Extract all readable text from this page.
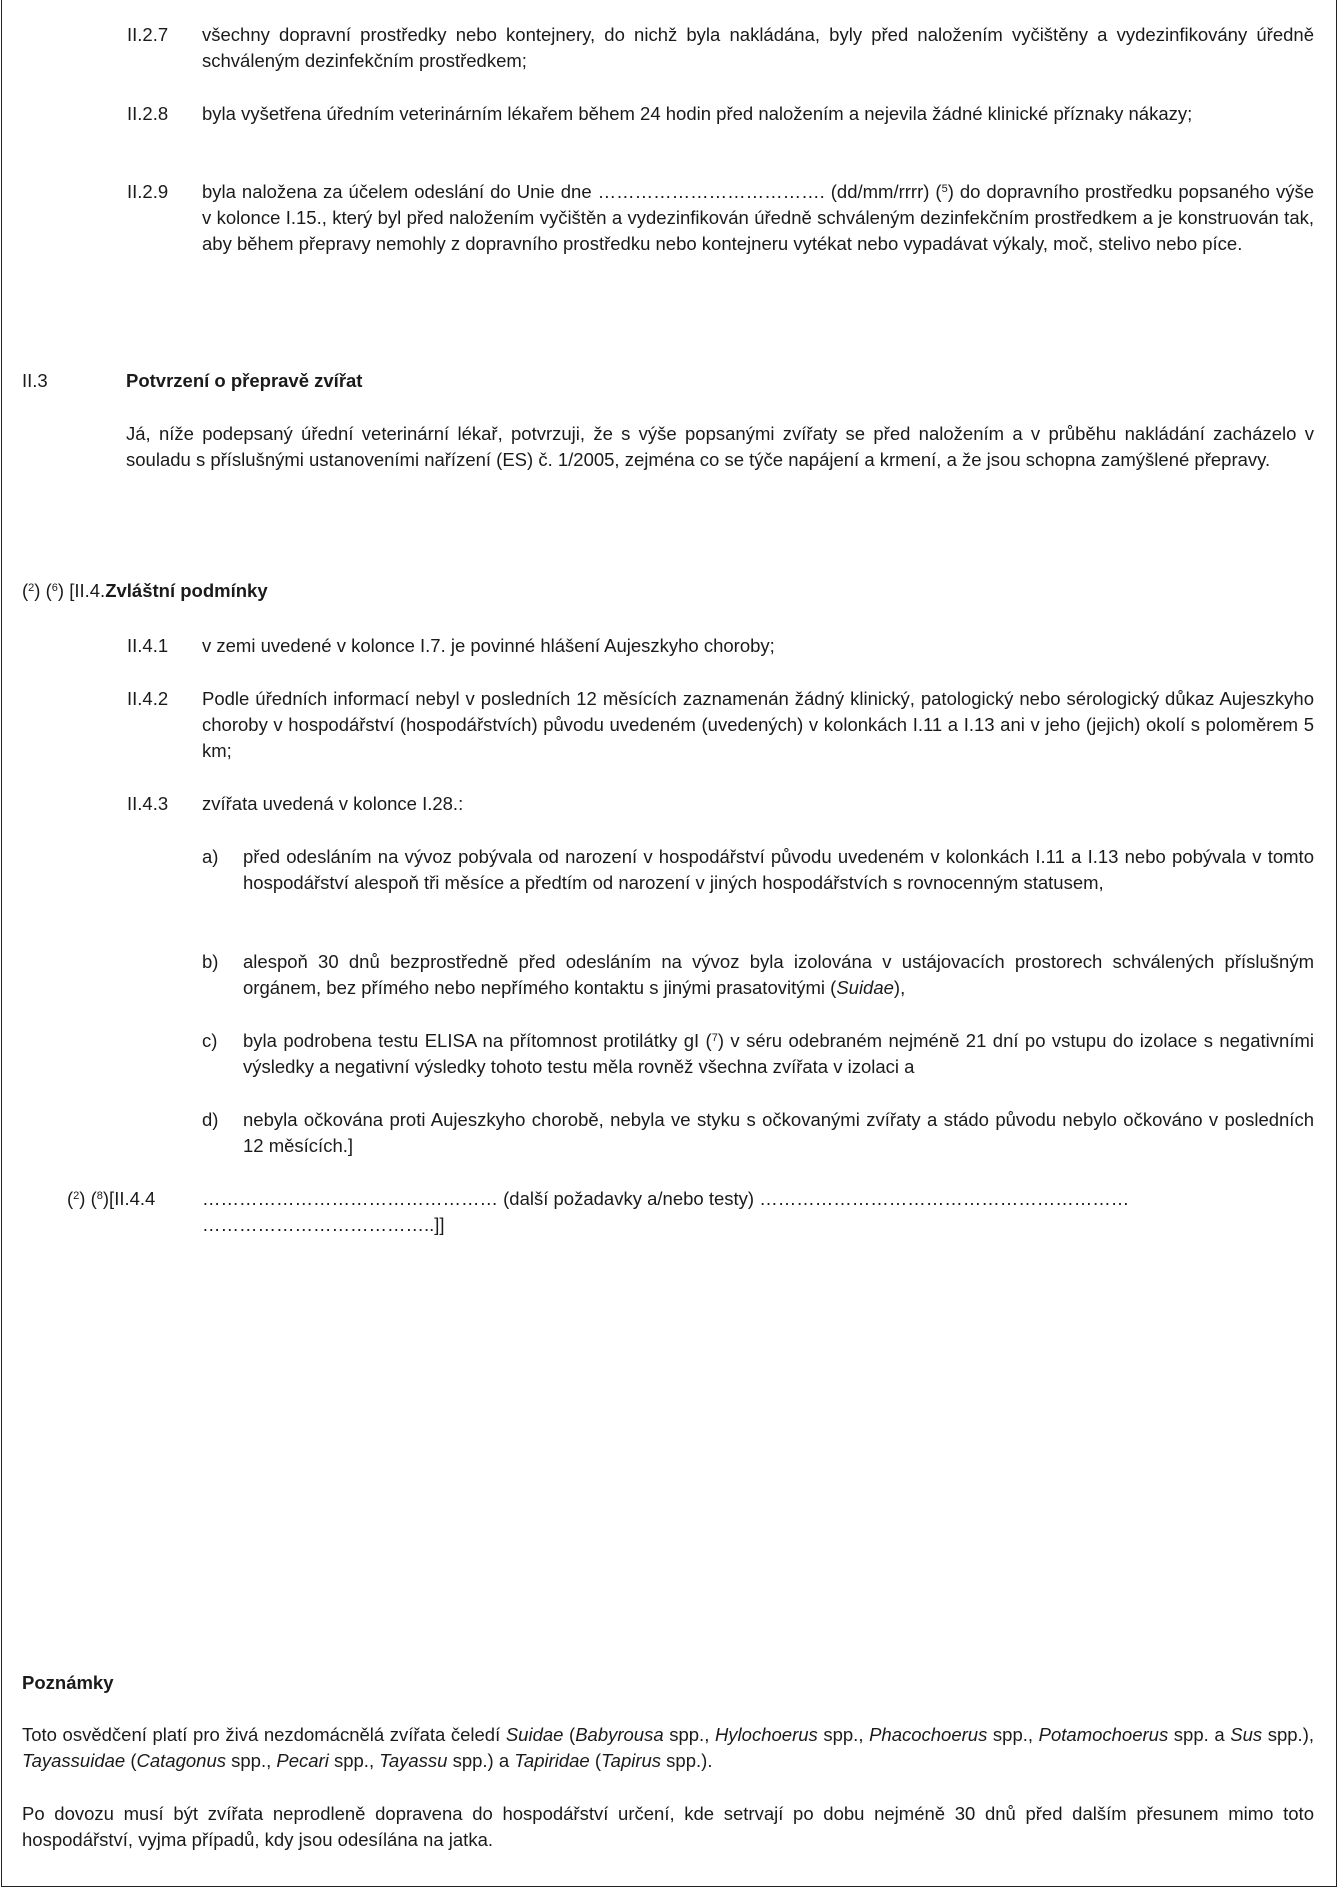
II.2.7 všechny dopravní prostředky nebo kontejnery, do nichž byla nakládána, byly před naložením vyčištěny a vydezinfikovány úředně schváleným dezinfekčním prostředkem;
II.2.8 byla vyšetřena úředním veterinárním lékařem během 24 hodin před naložením a nejevila žádné klinické příznaky nákazy;
II.2.9 byla naložena za účelem odeslání do Unie dne ………………………………. (dd/mm/rrrr) ($^5$) do dopravního prostředku popsaného výše v kolonce I.15., který byl před naložením vyčištěn a vydezinfikován úředně schváleným dezinfekčním prostředkem a je konstruován tak, aby během přepravy nemohly z dopravního prostředku nebo kontejneru vytékat nebo vypadávat výkaly, moč, stelivo nebo píce.
II.3	Potvrzení o přepravě zvířat
Já, níže podepsaný úřední veterinární lékař, potvrzuji, že s výše popsanými zvířaty se před naložením a v průběhu nakládání zacházelo v souladu s příslušnými ustanoveními nařízení (ES) č. 1/2005, zejména co se týče napájení a krmení, a že jsou schopna zamýšlené přepravy.
($^2$) ($^6$) [II.4.Zvláštní podmínky
II.4.1 v zemi uvedené v kolonce I.7. je povinné hlášení Aujeszkyho choroby;
II.4.2 Podle úředních informací nebyl v posledních 12 měsících zaznamenán žádný klinický, patologický nebo sérologický důkaz Aujeszkyho choroby v hospodářství (hospodářstvích) původu uvedeném (uvedených) v kolonkách I.11 a I.13 ani v jeho (jejich) okolí s poloměrem 5 km;
II.4.3 zvířata uvedená v kolonce I.28.:
a) před odesláním na vývoz pobývala od narození v hospodářství původu uvedeném v kolonkách I.11 a I.13 nebo pobývala v tomto hospodářství alespoň tři měsíce a předtím od narození v jiných hospodářstvích s rovnocenným statusem,
b) alespoň 30 dnů bezprostředně před odesláním na vývoz byla izolována v ustájovacích prostorech schválených příslušným orgánem, bez přímého nebo nepřímého kontaktu s jinými prasatovitými (Suidae),
c) byla podrobena testu ELISA na přítomnost protilátky gI ($^7$) v séru odebraném nejméně 21 dní po vstupu do izolace s negativními výsledky a negativní výsledky tohoto testu měla rovněž všechna zvířata v izolaci a
d) nebyla očkována proti Aujeszkyho chorobě, nebyla ve styku s očkovanými zvířaty a stádo původu nebylo očkováno v posledních 12 měsících.]
($^2$) ($^8$)[II.4.4	………………………………………… (další požadavky a/nebo testy) ……………………………………………………
………………………………..]]
Poznámky
Toto osvědčení platí pro živá nezdomácnělá zvířata čeledí Suidae (Babyrousa spp., Hylochoerus spp., Phacochoerus spp., Potamochoerus spp. a Sus spp.), Tayassuidae (Catagonus spp., Pecari spp., Tayassu spp.) a Tapiridae (Tapirus spp.).
Po dovozu musí být zvířata neprodleně dopravena do hospodářství určení, kde setrvají po dobu nejméně 30 dnů před dalším přesunem mimo toto hospodářství, vyjma případů, kdy jsou odesílána na jatka.
